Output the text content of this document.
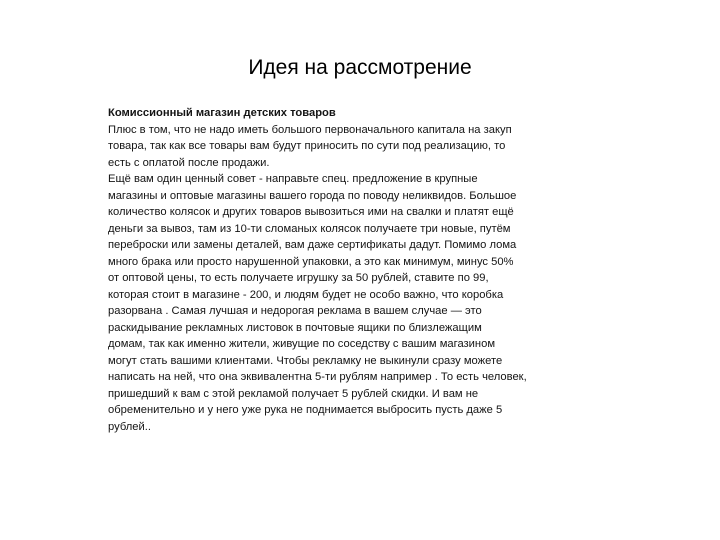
Идея на рассмотрение
Комиссионный магазин детских товаров
Плюс в том, что не надо иметь большого первоначального капитала на закуп
товара, так как все товары вам будут приносить по сути под реализацию, то
есть с оплатой после продажи.
Ещё вам один ценный совет - направьте спец. предложение в крупные
магазины и оптовые магазины вашего города по поводу неликвидов. Большое
количество колясок и других товаров вывозиться ими на свалки и платят ещё
деньги за вывоз, там из 10-ти сломаных колясок получаете три новые, путём
переброски или замены деталей, вам даже сертификаты дадут. Помимо лома
много брака или просто нарушенной упаковки, а это как минимум, минус 50%
от оптовой цены, то есть получаете игрушку за 50 рублей, ставите по 99,
которая стоит в магазине - 200, и людям будет не особо важно, что коробка
разорвана . Самая лучшая и недорогая реклама в вашем случае — это
раскидывание рекламных листовок в почтовые ящики по близлежащим
домам, так как именно жители, живущие по соседству с вашим магазином
могут стать вашими клиентами. Чтобы рекламку не выкинули сразу можете
написать на ней, что она эквивалентна 5-ти рублям например . То есть человек,
пришедший к вам с этой рекламой получает 5 рублей скидки. И вам не
обременительно и у него уже рука не поднимается выбросить пусть даже 5
рублей..
